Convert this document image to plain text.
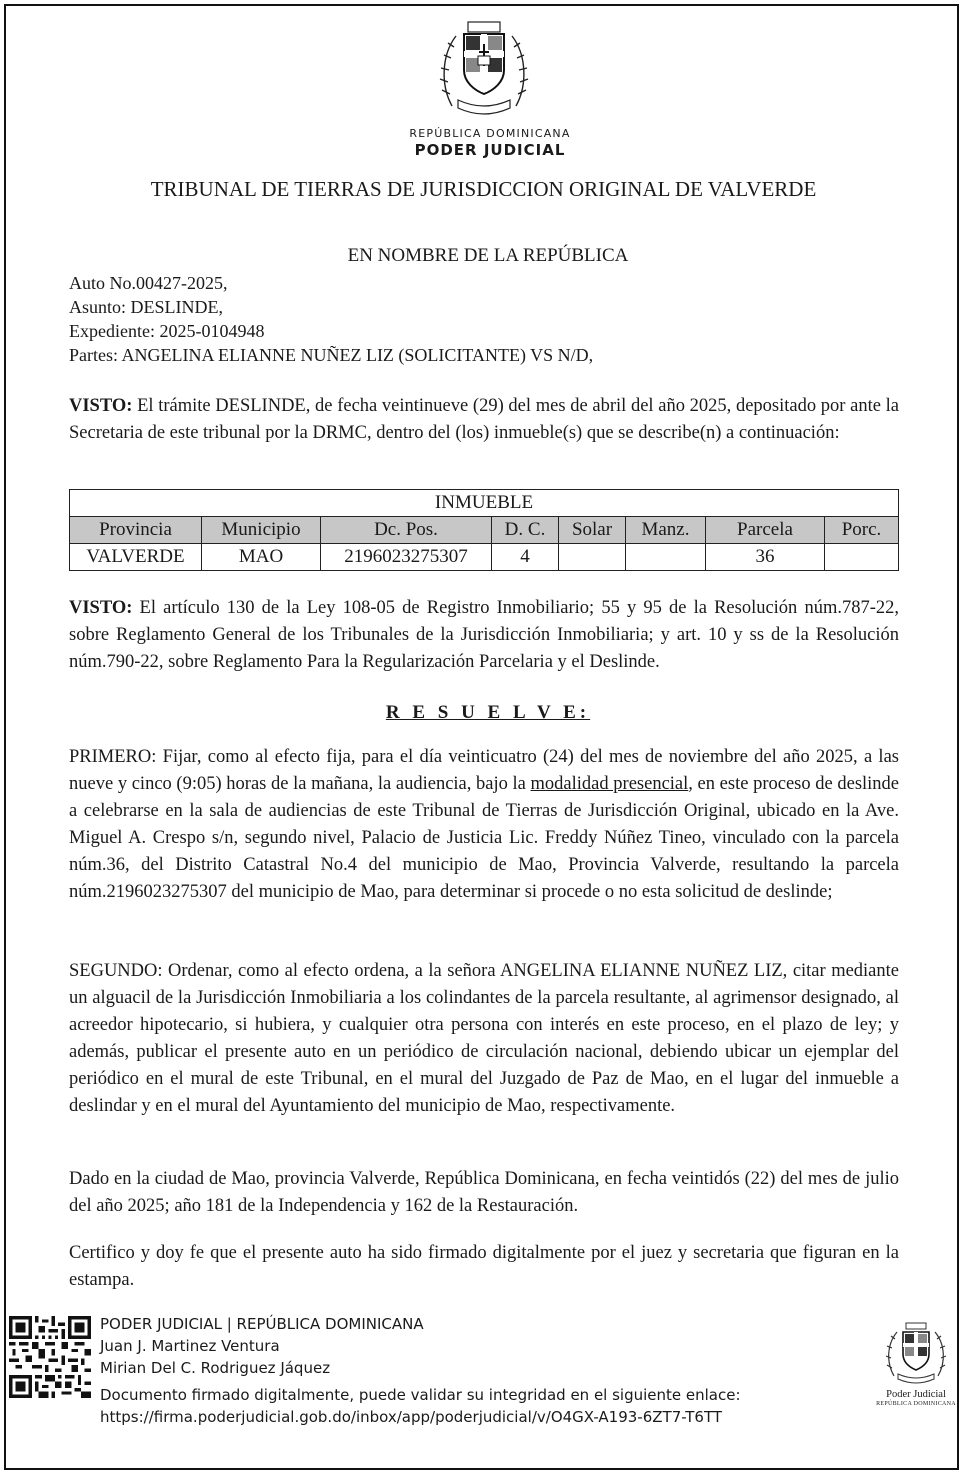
REPÚBLICA DOMINICANA
PODER JUDICIAL
TRIBUNAL DE TIERRAS DE JURISDICCION ORIGINAL DE VALVERDE
EN NOMBRE DE LA REPÚBLICA
Auto No.00427-2025,
Asunto: DESLINDE,
Expediente: 2025-0104948
Partes: ANGELINA ELIANNE NUÑEZ LIZ (SOLICITANTE) VS N/D,
VISTO: El trámite DESLINDE, de fecha veintinueve (29) del mes de abril del año 2025, depositado por ante la Secretaria de este tribunal por la DRMC, dentro del (los) inmueble(s) que se describe(n) a continuación:
INMUEBLE							
Provincia	Municipio	Dc. Pos.	D. C.	Solar	Manz.	Parcela	Porc.
VALVERDE	MAO	2196023275307	4			36	
VISTO: El artículo 130 de la Ley 108-05 de Registro Inmobiliario; 55 y 95 de la Resolución núm.787-22, sobre Reglamento General de los Tribunales de la Jurisdicción Inmobiliaria; y art. 10 y ss de la Resolución núm.790-22, sobre Reglamento Para la Regularización Parcelaria y el Deslinde.
R E S U E L V E:
PRIMERO: Fijar, como al efecto fija, para el día veinticuatro (24) del mes de noviembre del año 2025, a las nueve y cinco (9:05) horas de la mañana, la audiencia, bajo la modalidad presencial, en este proceso de deslinde a celebrarse en la sala de audiencias de este Tribunal de Tierras de Jurisdicción Original, ubicado en la Ave. Miguel A. Crespo s/n, segundo nivel, Palacio de Justicia Lic. Freddy Núñez Tineo, vinculado con la parcela núm.36, del Distrito Catastral No.4 del municipio de Mao, Provincia Valverde, resultando la parcela núm.2196023275307 del municipio de Mao, para determinar si procede o no esta solicitud de deslinde;
SEGUNDO: Ordenar, como al efecto ordena, a la señora ANGELINA ELIANNE NUÑEZ LIZ, citar mediante un alguacil de la Jurisdicción Inmobiliaria a los colindantes de la parcela resultante, al agrimensor designado, al acreedor hipotecario, si hubiera, y cualquier otra persona con interés en este proceso, en el plazo de ley; y además, publicar el presente auto en un periódico de circulación nacional, debiendo ubicar un ejemplar del periódico en el mural de este Tribunal, en el mural del Juzgado de Paz de Mao, en el lugar del inmueble a deslindar y en el mural del Ayuntamiento del municipio de Mao, respectivamente.
Dado en la ciudad de Mao, provincia Valverde, República Dominicana, en fecha veintidós (22) del mes de julio del año 2025; año 181 de la Independencia y 162 de la Restauración.
Certifico y doy fe que el presente auto ha sido firmado digitalmente por el juez y secretaria que figuran en la estampa.
PODER JUDICIAL | REPÚBLICA DOMINICANA
Juan J. Martinez Ventura
Mirian Del C. Rodriguez Jáquez
Documento firmado digitalmente, puede validar su integridad en el siguiente enlace:
https://firma.poderjudicial.gob.do/inbox/app/poderjudicial/v/O4GX-A193-6ZT7-T6TT
Poder Judicial
REPÚBLICA DOMINICANA
